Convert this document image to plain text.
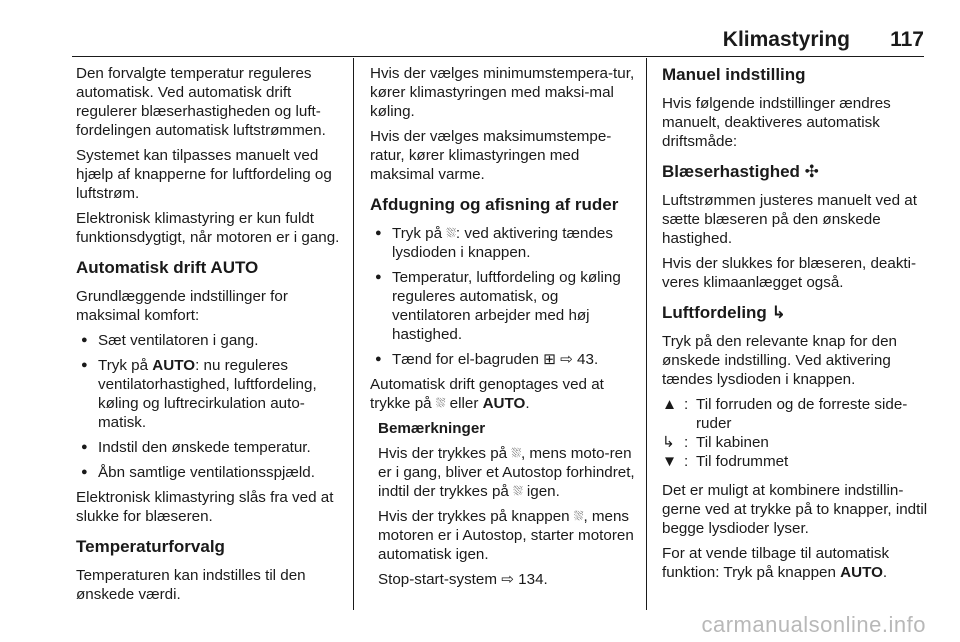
Klimastyring 117

Den forvalgte temperatur reguleres automatisk. Ved automatisk drift regulerer blæserhastigheden og luft-fordelingen automatisk luftstrømmen.

Systemet kan tilpasses manuelt ved hjælp af knapperne for luftfordeling og luftstrøm.

Elektronisk klimastyring er kun fuldt funktionsdygtigt, når motoren er i gang.

Automatisk drift AUTO

Grundlæggende indstillinger for maksimal komfort:

● Sæt ventilatoren i gang.
● Tryk på AUTO: nu reguleres ventilatorhastighed, luftfordeling, køling og luftrecirkulation auto-matisk.
● Indstil den ønskede temperatur.
● Åbn samtlige ventilationsspjæld.

Elektronisk klimastyring slås fra ved at slukke for blæseren.

Temperaturforvalg

Temperaturen kan indstilles til den ønskede værdi.

Hvis der vælges minimumstempera-tur, kører klimastyringen med maksi-mal køling.

Hvis der vælges maksimumstempe-ratur, kører klimastyringen med maksimal varme.

Afdugning og afisning af ruder
● Tryk på ⛆: ved aktivering tændes lysdioden i knappen.
● Temperatur, luftfordeling og køling reguleres automatisk, og ventilatoren arbejder med høj hastighed.
● Tænd for el-bagruden ⊞ ⇨ 43.

Automatisk drift genoptages ved at trykke på ⛆ eller AUTO.

Bemærkninger

Hvis der trykkes på ⛆, mens moto-ren er i gang, bliver et Autostop forhindret, indtil der trykkes på ⛆ igen.

Hvis der trykkes på knappen ⛆, mens motoren er i Autostop, starter motoren automatisk igen.

Stop-start-system ⇨ 134.

Manuel indstilling

Hvis følgende indstillinger ændres manuelt, deaktiveres automatisk driftsmåde:

Blæserhastighed ✣

Luftstrømmen justeres manuelt ved at sætte blæseren på den ønskede hastighed.

Hvis der slukkes for blæseren, deakti-veres klimaanlægget også.

Luftfordeling ↳

Tryk på den relevante knap for den ønskede indstilling. Ved aktivering tændes lysdioden i knappen.

▲ : Til forruden og de forreste side-ruder
↳ : Til kabinen
▼ : Til fodrummet

Det er muligt at kombinere indstillin-gerne ved at trykke på to knapper, indtil begge lysdioder lyser.

For at vende tilbage til automatisk funktion: Tryk på knappen AUTO.

carmanualsonline.info
